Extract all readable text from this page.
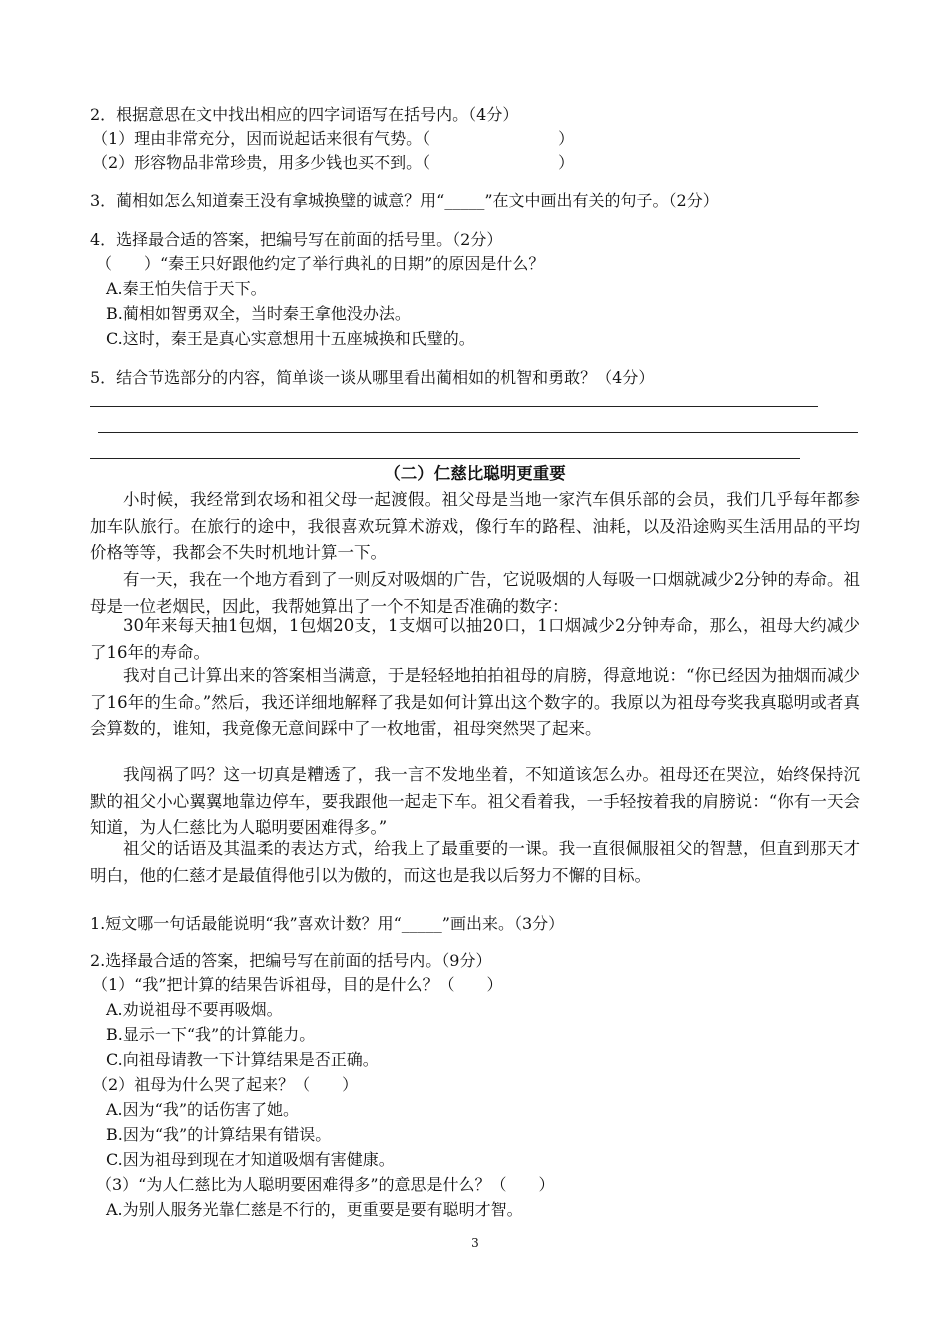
2．根据意思在文中找出相应的四字词语写在括号内。（4分）
（1）理由非常充分，因而说起话来很有气势。（　　　　　　　　）
（2）形容物品非常珍贵，用多少钱也买不到。（　　　　　　　　）
3．蔺相如怎么知道秦王没有拿城换璧的诚意？用“_____”在文中画出有关的句子。（2分）
4．选择最合适的答案，把编号写在前面的括号里。（2分）
（　　）“秦王只好跟他约定了举行典礼的日期”的原因是什么？
A.秦王怕失信于天下。
B.蔺相如智勇双全，当时秦王拿他没办法。
C.这时，秦王是真心实意想用十五座城换和氏璧的。
5．结合节选部分的内容，简单谈一谈从哪里看出蔺相如的机智和勇敢？（4分）
（二）仁慈比聪明更重要
小时候，我经常到农场和祖父母一起渡假。祖父母是当地一家汽车俱乐部的会员，我们几乎每年都参加车队旅行。在旅行的途中，我很喜欢玩算术游戏，像行车的路程、油耗，以及沿途购买生活用品的平均价格等等，我都会不失时机地计算一下。
有一天，我在一个地方看到了一则反对吸烟的广告，它说吸烟的人每吸一口烟就减少2分钟的寿命。祖母是一位老烟民，因此，我帮她算出了一个不知是否准确的数字：
30年来每天抽1包烟，1包烟20支，1支烟可以抽20口，1口烟减少2分钟寿命，那么，祖母大约减少了16年的寿命。
我对自己计算出来的答案相当满意，于是轻轻地拍拍祖母的肩膀，得意地说：“你已经因为抽烟而减少了16年的生命。”然后，我还详细地解释了我是如何计算出这个数字的。我原以为祖母夸奖我真聪明或者真会算数的，谁知，我竟像无意间踩中了一枚地雷，祖母突然哭了起来。
我闯祸了吗？这一切真是糟透了，我一言不发地坐着，不知道该怎么办。祖母还在哭泣，始终保持沉默的祖父小心翼翼地靠边停车，要我跟他一起走下车。祖父看着我，一手轻按着我的肩膀说：“你有一天会知道，为人仁慈比为人聪明要困难得多。”
祖父的话语及其温柔的表达方式，给我上了最重要的一课。我一直很佩服祖父的智慧，但直到那天才明白，他的仁慈才是最值得他引以为傲的，而这也是我以后努力不懈的目标。
1.短文哪一句话最能说明“我”喜欢计数？用“_____”画出来。（3分）
2.选择最合适的答案，把编号写在前面的括号内。（9分）
（1）“我”把计算的结果告诉祖母，目的是什么？（　　）
A.劝说祖母不要再吸烟。
B.显示一下“我”的计算能力。
C.向祖母请教一下计算结果是否正确。
（2）祖母为什么哭了起来？（　　）
A.因为“我”的话伤害了她。
B.因为“我”的计算结果有错误。
C.因为祖母到现在才知道吸烟有害健康。
（3）“为人仁慈比为人聪明要困难得多”的意思是什么？（　　）
A.为别人服务光靠仁慈是不行的，更重要是要有聪明才智。
3
